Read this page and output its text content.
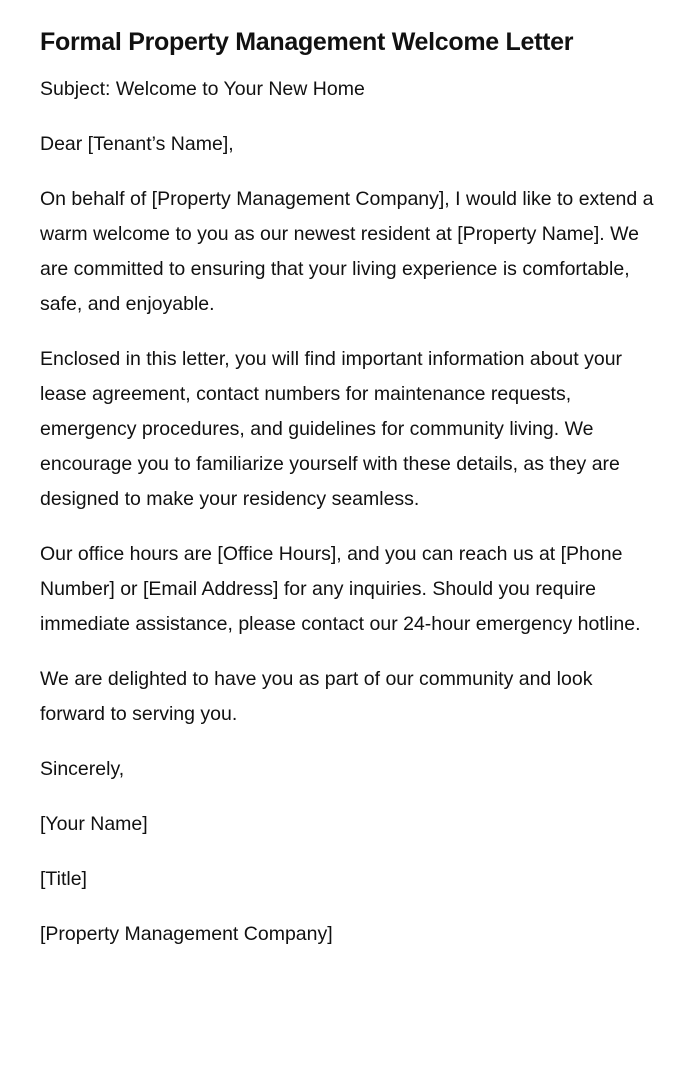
Formal Property Management Welcome Letter

Subject: Welcome to Your New Home

Dear [Tenant’s Name],

On behalf of [Property Management Company], I would like to extend a warm welcome to you as our newest resident at [Property Name]. We are committed to ensuring that your living experience is comfortable, safe, and enjoyable.

Enclosed in this letter, you will find important information about your lease agreement, contact numbers for maintenance requests, emergency procedures, and guidelines for community living. We encourage you to familiarize yourself with these details, as they are designed to make your residency seamless.

Our office hours are [Office Hours], and you can reach us at [Phone Number] or [Email Address] for any inquiries. Should you require immediate assistance, please contact our 24-hour emergency hotline.

We are delighted to have you as part of our community and look forward to serving you.

Sincerely,

[Your Name]

[Title]

[Property Management Company]
